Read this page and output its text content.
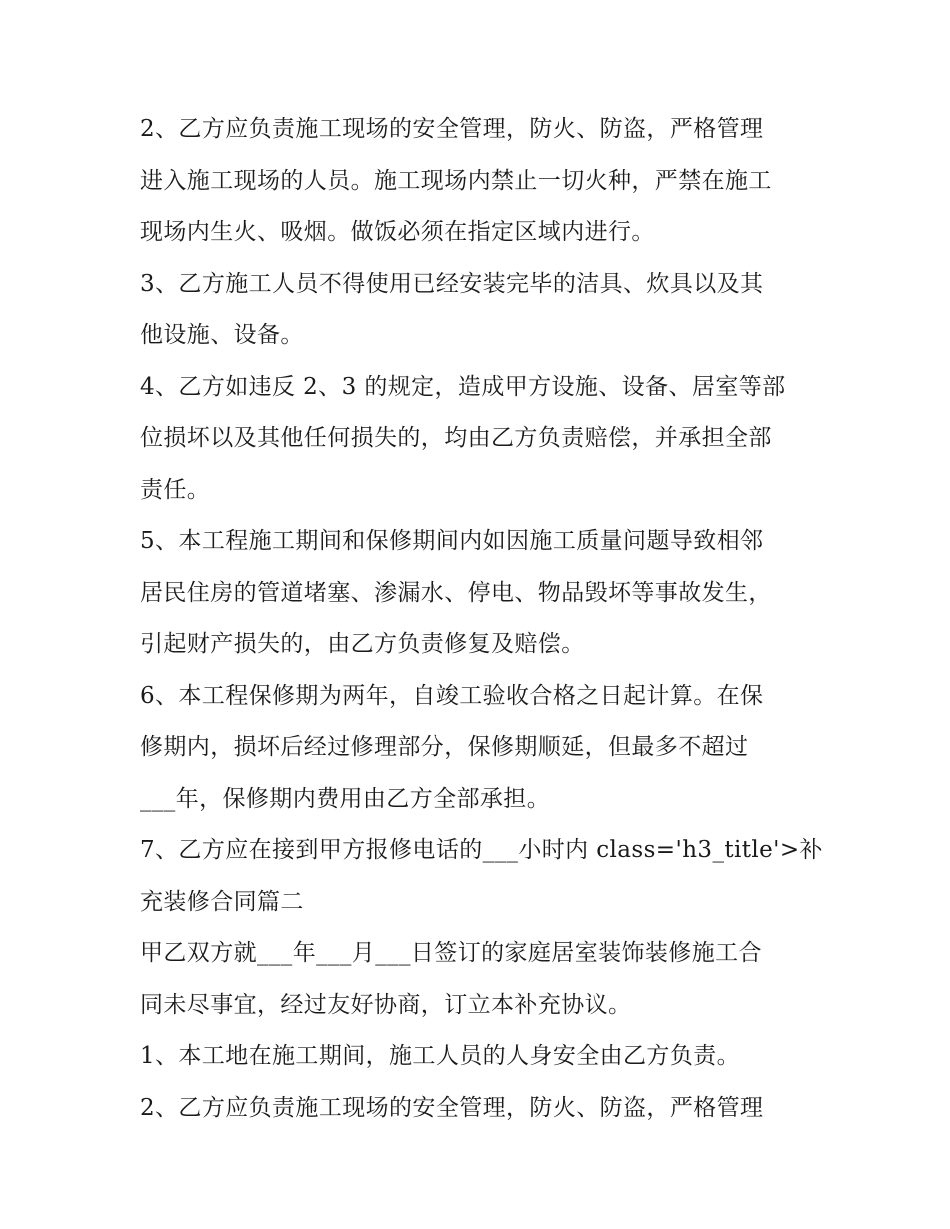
2、乙方应负责施工现场的安全管理，防火、防盗，严格管理
进入施工现场的人员。施工现场内禁止一切火种，严禁在施工
现场内生火、吸烟。做饭必须在指定区域内进行。
3、乙方施工人员不得使用已经安装完毕的洁具、炊具以及其
他设施、设备。
4、乙方如违反 2、3 的规定，造成甲方设施、设备、居室等部
位损坏以及其他任何损失的，均由乙方负责赔偿，并承担全部
责任。
5、本工程施工期间和保修期间内如因施工质量问题导致相邻
居民住房的管道堵塞、渗漏水、停电、物品毁坏等事故发生，
引起财产损失的，由乙方负责修复及赔偿。
6、本工程保修期为两年，自竣工验收合格之日起计算。在保
修期内，损坏后经过修理部分，保修期顺延，但最多不超过
___年，保修期内费用由乙方全部承担。
7、乙方应在接到甲方报修电话的___小时内 class='h3_title'>补
充装修合同篇二
甲乙双方就___年___月___日签订的家庭居室装饰装修施工合
同未尽事宜，经过友好协商，订立本补充协议。
1、本工地在施工期间，施工人员的人身安全由乙方负责。
2、乙方应负责施工现场的安全管理，防火、防盗，严格管理
